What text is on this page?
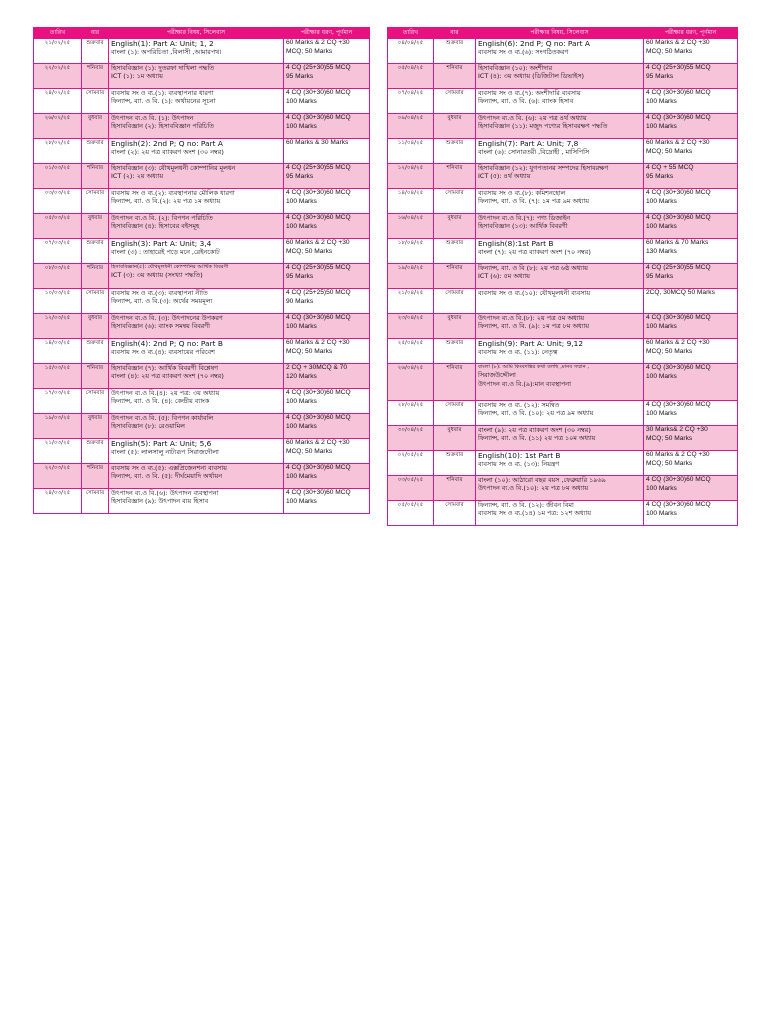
তারিখ	বার	পরীক্ষার বিষয়, সিলেবাস	পরীক্ষার ধরণ, পূর্ণমান
২১/০২/২৫	শুক্রবার	English(1): Part A: Unit; 1, 2
বাংলা (১): অপরিচিতা ,বিলাসী ,আমারপথ।	60 Marks & 2 CQ +30
MCQ; 50 Marks

২২/০২/২৫	শনিবার	হিসাববিজ্ঞান (১): দুতরফা দাখিলা পদ্ধতি
ICT (১): ১ম অধ্যায়	4 CQ (25+30)55 MCQ
95 Marks

২৪/০২/২৫	সোমবার	ব্যবসায় সং ও ব্য.(১): ব্যবস্থাপনার ধারণা
ফিন্যান্স, ব্যা. ও বি. (১): অর্থায়নের সূচনা	4 CQ (30+30)60 MCQ
100 Marks

২৬/০২/২৫	বুধবার	উৎপাদন ব্য.ও বি. (১): উৎপাদন
হিসাববিজ্ঞান (২): হিসাববিজ্ঞান পরিচিতি	4 CQ (30+30)60 MCQ
100 Marks

২৮/০২/২৫	শুক্রবার	English(2): 2nd P; Q no: Part A
বাংলা (২): ২য় পত্র ব্যাকরণ অংশ (৩০ নম্বর)	60 Marks & 30 Marks

০১/০৩/২৫	শনিবার	হিসাববিজ্ঞান (৩): যৌথমূলধনী কোম্পানির মূলধন
ICT (২): ২য় অধ্যায়	4 CQ (25+30)55 MCQ
95 Marks

০৩/০৩/২৫	সোমবার	ব্যবসায় সং ও ব্য.(২): ব্যবস্থাপনার মৌলিক ধারণা
ফিন্যান্স, ব্যা. ও বি.(২): ২য় পত্র ১ম অধ্যায়	4 CQ (30+30)60 MCQ
100 Marks

০৫/০৩/২৫	বুধবার	উৎপাদন ব্য.ও বি. (২): বিপণন পরিচিতি
হিসাববিজ্ঞান (৪): হিসাবের বইসমূহ	4 CQ (30+30)60 MCQ
100 Marks

০৭/০৩/২৫	শুক্রবার	English(3): Part A: Unit; 3,4
বাংলা (৩) : তাহারেই পড়ে মনে ,রেইনকোট	60 Marks & 2 CQ +30
MCQ; 50 Marks

০৮/০৩/২৫	শনিবার	হিসাববিজ্ঞান(৫): যৌথমূলধনী কোম্পানির আর্থিক বিবরণী
ICT (৩): ৩য় অধ্যায় (সংখ্যা পদ্ধতি)	4 CQ (25+30)55 MCQ
95 Marks

১০/০৩/২৫	সোমবার	ব্যবসায় সং ও ব্য.(৩): ব্যবস্থাপনা নীতি
ফিন্যান্স, ব্যা. ও বি.(৩): অর্থের সময়মূল্য	4 CQ (25+25)50 MCQ
90 Marks

১২/০৩/২৫	বুধবার	উৎপাদন ব্য.ও বি. (৩): উৎপাদনের উপকরণ
হিসাববিজ্ঞান (৬): ব্যাংক সমন্বয় বিবরণী	4 CQ (30+30)60 MCQ
100 Marks

১৪/০৩/২৫	শুক্রবার	English(4): 2nd P; Q no: Part B
ব্যবসায় সং ও ব্য.(৪): ব্যবসায়ের পরিবেশ	60 Marks & 2 CQ +30
MCQ; 50 Marks

১৫/০৩/২৫	শনিবার	হিসাববিজ্ঞান (৭): আর্থিক বিবরণী বিশ্লেষণ
বাংলা (৪): ২য় পত্র ব্যাকরণ অংশ (৭০ নম্বর)	2 CQ + 30MCQ & 70
120 Marks

১৭/০৩/২৫	সোমবার	উৎপাদন ব্য.ও বি.(৪): ২য় পত্র: ৩য় অধ্যায়
ফিন্যান্স, ব্যা. ও বি. (৪): কেন্দ্রীয় ব্যাংক	4 CQ (30+30)60 MCQ
100 Marks

১৯/০৩/২৫	বুধবার	উৎপাদন ব্য.ও বি. (৫): বিপণন কার্যাবলি
হিসাববিজ্ঞান (৮): রেওয়ামিল	4 CQ (30+30)60 MCQ
100 Marks

২১/০৩/২৫	শুক্রবার	English(5): Part A: Unit; 5,6
বাংলা (৫): লালসালু নাট্যরূপ সিরাজদৌলা	60 Marks & 2 CQ +30
MCQ; 50 Marks

২২/০৩/২৫	শনিবার	ব্যবসায় সং ও ব্য.(৫): এক্সপ্রিজেনশনা ব্যবসায়
ফিন্যান্স, ব্যা. ও বি. (৫): দীর্ঘমেয়াদি অর্থায়ন	4 CQ (30+30)60 MCQ
100 Marks

২৪/০৩/২৫	সোমবার	উৎপাদন ব্য.ও বি.(৬): উৎপাদন ব্যবস্থাপনা
হিসাববিজ্ঞান (৯): উৎপাদন ব্যয় হিসাব	4 CQ (30+30)60 MCQ
100 Marks
তারিখ	বার	পরীক্ষার বিষয়, সিলেবাস	পরীক্ষার ধরণ, পূর্ণমান
০৪/০৪/২৫	শুক্রবার	English(6): 2nd P; Q no: Part A
ব্যবসায় সং ও ব্য.(৬): সংগঠিতকরণ	60 Marks & 2 CQ +30
MCQ; 50 Marks

০৫/০৪/২৫	শনিবার	হিসাববিজ্ঞান (১০): অংশীদার
ICT (৪): ৩য় অধ্যায় (ডিজিটাল ডিভাইস)	4 CQ (25+30)55 MCQ
95 Marks

০৭/০৪/২৫	সোমবার	ব্যবসায় সং ও ব্য.(৭): অংশীদারি ব্যবসায়
ফিন্যান্স, ব্যা. ও বি. (৬): ব্যাংক হিসাব	4 CQ (30+30)60 MCQ
100 Marks

০৯/০৪/২৫	বুধবার	উৎপাদন ব্য.ও বি. (৬): ২য় পত্র ৪র্থ অধ্যায়
হিসাববিজ্ঞান (১১): মজুদ পণ্যের হিসাবরক্ষণ পদ্ধতি	4 CQ (30+30)60 MCQ
100 Marks

১১/০৪/২৫	শুক্রবার	English(7): Part A: Unit; 7,8
বাংলা (৬): সোনারতরী ,বিদ্রোহী , মাসিপিসি	60 Marks & 2 CQ +30
MCQ; 50 Marks

১২/০৪/২৫	শনিবার	হিসাববিজ্ঞান (১২): যুগপত্যনর সম্পদের হিসাবরক্ষণ
ICT (৫): ৪র্থ অধ্যায়	4 CQ + 55 MCQ
95 Marks

১৪/০৪/২৫	সোমবার	ব্যবসায় সং ও ব্য.(৮): কমিশনহোল
ফিন্যান্স, ব্যা. ও বি. (৭): ১ম পত্র ৯ম অধ্যায়	4 CQ (30+30)60 MCQ
100 Marks

১৬/০৪/২৫	বুধবার	উৎপাদন ব্য.ও বি.(৭): পণ্য ডিজাইন
হিসাববিজ্ঞান (১৩): আর্থিক বিবরণী	4 CQ (30+30)60 MCQ
100 Marks

১৮/০৪/২৫	শুক্রবার	English(8):1st Part B
বাংলা (৭): ২য় পত্র ব্যাকরণ অংশ (৭০ নম্বর)	60 Marks & 70 Marks
130 Marks

১৯/০৪/২৫	শনিবার	ফিন্যান্স, ব্যা. ও বি (৮): ২য় পত্র ৬ষ্ঠ অধ্যায়
ICT (৬): ৫ম অধ্যায়	4 CQ (25+30)55 MCQ
95 Marks

২১/০৪/২৫	সোমবার	ব্যবসায় সং ও ব্য.(১০): যৌথমূলধনী ব্যবসায়	2CQ, 30MCQ 50 Marks

২৩/০৪/২৫	বুধবার	উৎপাদন ব্য.ও বি.(৮): ২য় পত্র ৫ম অধ্যায়
ফিন্যান্স, ব্যা. ও বি. (৯): ১ম পত্র ৮ম অধ্যায়	4 CQ (30+30)60 MCQ
100 Marks

২৫/০৪/২৫	শুক্রবার	English(9): Part A: Unit; 9,12
ব্যবসায় সং ও ব্য. (১১): নেতৃত্ব	60 Marks & 2 CQ +30
MCQ; 50 Marks

২৬/০৪/২৫	শনিবার	বাংলা (৮): আমি কিংবদন্তির কথা বলছি ,মানব সম্মান ,
সিরাজউদ্দৌলা
উৎপাদন ব্য.ও বি.(৯):মান ব্যবস্থাপনা	4 CQ (30+30)60 MCQ
100 Marks

২৮/০৪/২৫	সোমবার	ব্যবসায় সং ও ব্য. (১২): সমন্বিত
ফিন্যান্স, ব্যা. ও বি. (১০): ২য় পত্র ৯ম অধ্যায়	4 CQ (30+30)60 MCQ
100 Marks

৩০/০৪/২৫	বুধবার	বাংলা (৯): ২য় পত্র ব্যাকরণ অংশ (৩০ নম্বর)
ফিন্যান্স, ব্যা. ও বি. (১১) ২য় পত্র ১০ম অধ্যায়	30 Marks& 2 CQ +30
MCQ; 50 Marks

০২/০৫/২৫	শুক্রবার	English(10): 1st Part B
ব্যবসায় সং ও ব্য. (১৩): নিয়ন্ত্রণ	60 Marks & 2 CQ +30
MCQ; 50 Marks

০৩/০৫/২৫	শনিবার	বাংলা (১০): আঠারো বছর বয়স ,ফেব্রুয়ারি ১৯৬৯
উৎপাদন ব্য.ও বি.(১০): ২য় পত্র ৮ম অধ্যায়	4 CQ (30+30)60 MCQ
100 Marks

০৫/০৫/২৫	সোমবার	ফিন্যান্স, ব্যা. ও বি. (১২): জীবন বিমা
ব্যবসায় সং ও ব্য.(১৪) ১ম পত্র: ১২শ অধ্যায়	4 CQ (30+30)60 MCQ
100 Marks
